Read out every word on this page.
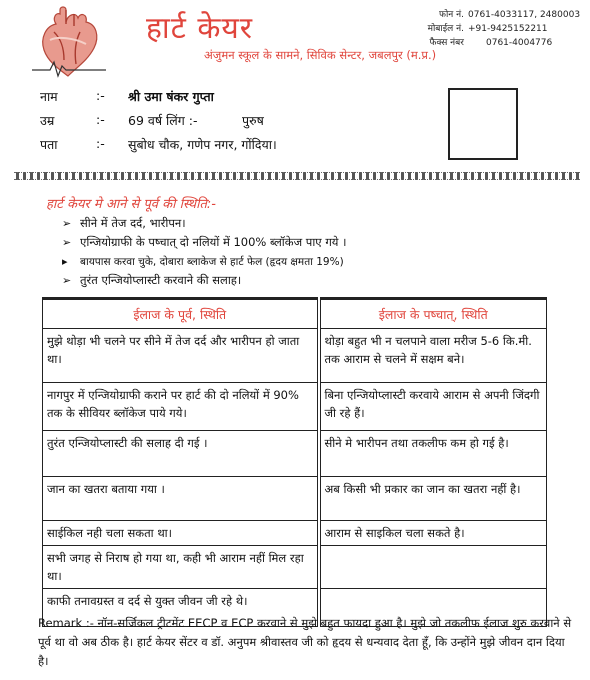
हार्ट केयर
अंजुमन स्कूल के सामने, सिविक सेन्टर, जबलपुर (म.प्र.)
फोन नं. 0761-4033117, 2480003
मोबाईल नं. +91-9425152211
फैक्स नंबर	0761-4004776
नाम	:- श्री उमा षंकर गुप्ता
उम्र	:- 69 वर्ष लिंग :-	पुरुष
पता	:- सुबोध चौक, गणेप नगर, गोंदिया।
हार्ट केयर मे आने से पूर्व की स्थिति:-
➢ सीने में तेज दर्द, भारीपन।
➢ एन्जियोग्राफी के पष्चात् दो नलियों में 100% ब्लॉकेज पाए गये ।
▸	बायपास करवा चुके, दोबारा ब्लाकेज से हार्ट फेल (हृदय क्षमता 19%)
➢ तुरंत एन्जियोप्लास्टी करवाने की सलाह।
ईलाज के पूर्व, स्थिति	ईलाज के पष्चात्, स्थिति
मुझे थोड़ा भी चलने पर सीने में तेज दर्द और भारीपन हो जाता था।	थोड़ा बहुत भी न चलपाने वाला मरीज 5-6 कि.मी. तक आराम से चलने में सक्षम बने।
नागपुर में एन्जियोग्राफी कराने पर हार्ट की दो नलियों में 90% तक के सीवियर ब्लॉकेज पाये गये।	बिना एन्जियोप्लास्टी करवाये आराम से अपनी जिंदगी जी रहे हैं।
तुरंत एन्जियोप्लास्टी की सलाह दी गई ।	सीने मे भारीपन तथा तकलीफ कम हो गई है।
जान का खतरा बताया गया ।	अब किसी भी प्रकार का जान का खतरा नहीं है।
साईकिल नही चला सकता था।	आराम से साइकिल चला सकते है।
सभी जगह से निराष हो गया था, कही भी आराम नहीं मिल रहा था।	
काफी तनावग्रस्त व दर्द से युक्त जीवन जी रहे थे।	
Remark :- नॉन-सर्जिकल ट्रीटमेंट EECP व ECP करवाने से मुझे बहुत फायदा हुआ है। मुझे जो तकलीफ ईलाज शुरु करवाने से पूर्व था वो अब ठीक है। हार्ट केयर सेंटर व डॉ. अनुपम श्रीवास्तव जी को हृदय से धन्यवाद देता हूँ, कि उन्होंने मुझे जीवन दान दिया है।
